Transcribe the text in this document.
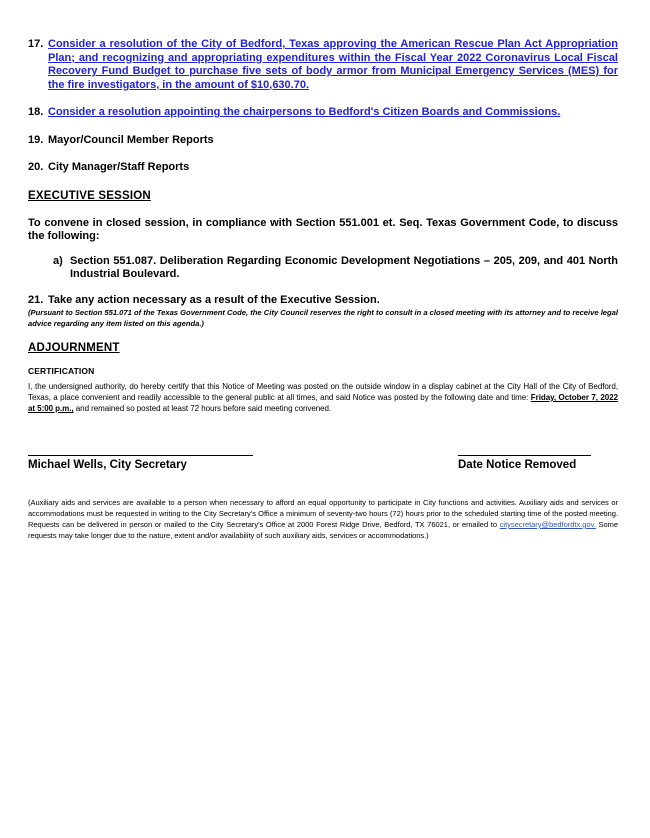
17. Consider a resolution of the City of Bedford, Texas approving the American Rescue Plan Act Appropriation Plan; and recognizing and appropriating expenditures within the Fiscal Year 2022 Coronavirus Local Fiscal Recovery Fund Budget to purchase five sets of body armor from Municipal Emergency Services (MES) for the fire investigators, in the amount of $10,630.70.
18. Consider a resolution appointing the chairpersons to Bedford's Citizen Boards and Commissions.
19. Mayor/Council Member Reports
20. City Manager/Staff Reports
EXECUTIVE SESSION

To convene in closed session, in compliance with Section 551.001 et. Seq. Texas Government Code, to discuss the following:

a) Section 551.087. Deliberation Regarding Economic Development Negotiations – 205, 209, and 401 North Industrial Boulevard.
21. Take any action necessary as a result of the Executive Session.

(Pursuant to Section 551.071 of the Texas Government Code, the City Council reserves the right to consult in a closed meeting with its attorney and to receive legal advice regarding any item listed on this agenda.)

ADJOURNMENT
CERTIFICATION

I, the undersigned authority, do hereby certify that this Notice of Meeting was posted on the outside window in a display cabinet at the City Hall of the City of Bedford, Texas, a place convenient and readily accessible to the general public at all times, and said Notice was posted by the following date and time: Friday, October 7, 2022 at 5:00 p.m., and remained so posted at least 72 hours before said meeting convened.

Michael Wells, City Secretary	Date Notice Removed

(Auxiliary aids and services are available to a person when necessary to afford an equal opportunity to participate in City functions and activities. Auxiliary aids and services or accommodations must be requested in writing to the City Secretary's Office a minimum of seventy-two hours (72) hours prior to the scheduled starting time of the posted meeting. Requests can be delivered in person or mailed to the City Secretary's Office at 2000 Forest Ridge Drive, Bedford, TX 76021, or emailed to citysecretary@bedfordtx.gov. Some requests may take longer due to the nature, extent and/or availability of such auxiliary aids, services or accommodations.)
